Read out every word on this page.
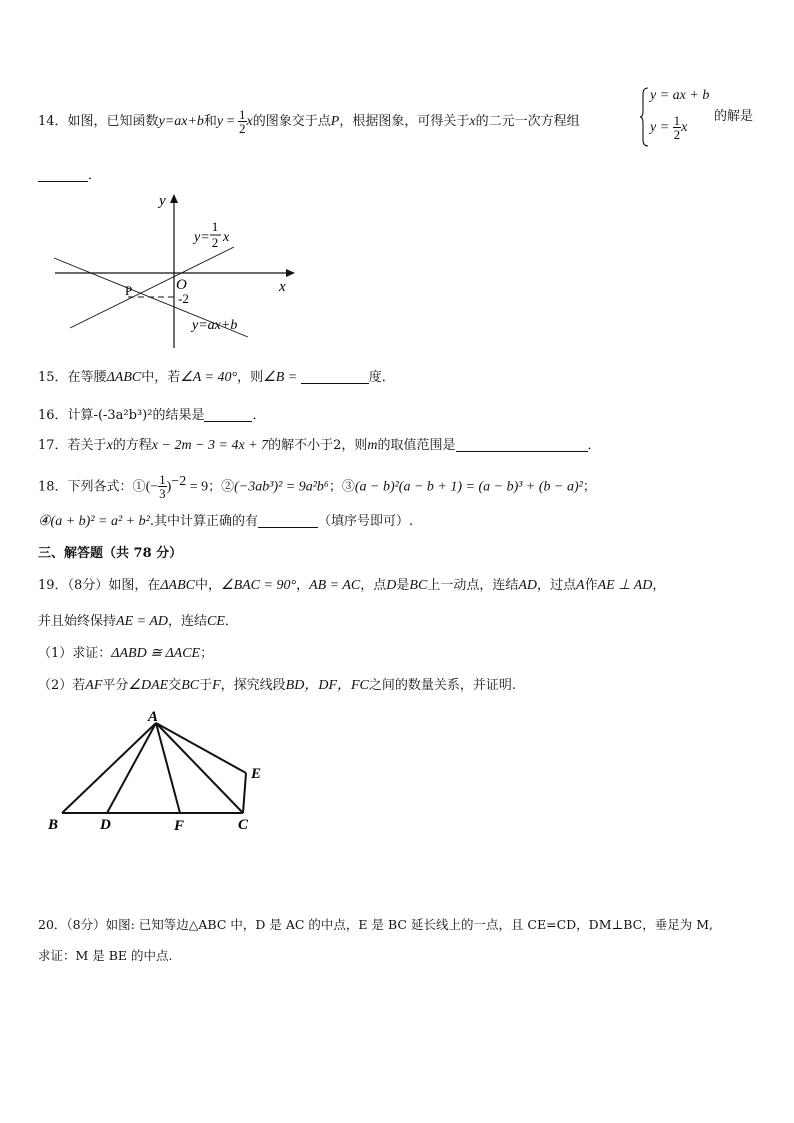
14．如图，已知函数y=ax+b和$y = \frac{1}{2}$ x的图象交于点P，根据图象，可得关于x的二元一次方程组
y = ax + b
$y = \frac{1}{2}$ x
的解是
．
y
x
O
P
-2
y=
1
2 x
y=ax+b
15．在等腰ΔABC中，若∠A = 40°，则∠B =	度．
16．计算-(-3a²b³)²的结果是	．
17．若关于x的方程x − 2m − 3 = 4x + 7的解不小于2，则m的取值范围是	．
18．下列各式：①(− $\frac{1}{3} )^{-2} = 9$；②(−3ab³)² = 9a²b⁶；③(a − b)²(a − b + 1) = (a − b)³ + (b − a)²；
④(a + b)² = a² + b².其中计算正确的有	（填序号即可）.
三、解答题（共 78 分）
19．（8分）如图，在ΔABC中，∠BAC = 90°，AB = AC，点D是BC上一动点，连结AD，过点A作AE ⊥ AD，
并且始终保持AE = AD，连结CE．
（1）求证：ΔABD ≅ ΔACE；
（2）若AF平分∠DAE交BC于F，探究线段BD，DF，FC之间的数量关系，并证明.
A
B	D	F	C
E
20．（8分）如图: 已知等边△ABC 中，D 是 AC 的中点，E 是 BC 延长线上的一点，且 CE=CD，DM⊥BC，垂足为 M,
求证：M 是 BE 的中点.
